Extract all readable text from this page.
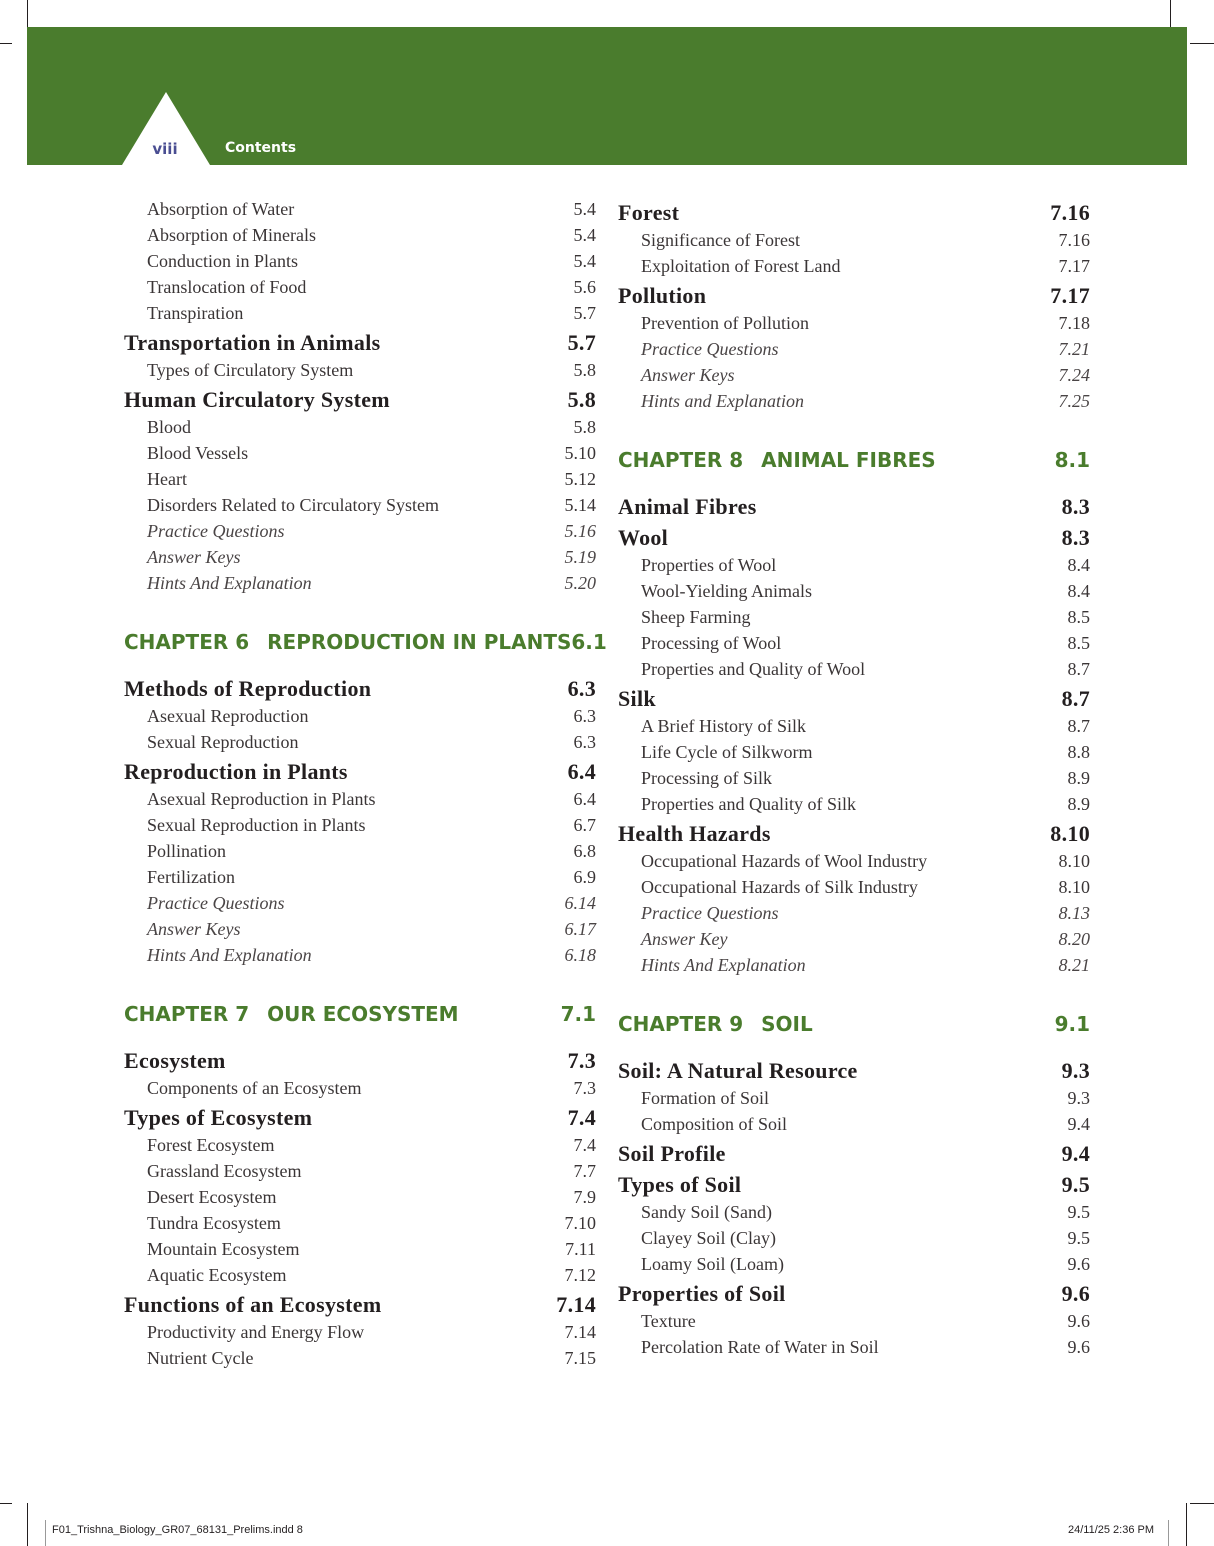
viii	Contents
Absorption of Water	5.4
Absorption of Minerals	5.4
Conduction in Plants	5.4
Translocation of Food	5.6
Transpiration	5.7
Transportation in Animals	5.7
Types of Circulatory System	5.8
Human Circulatory System	5.8
Blood	5.8
Blood Vessels	5.10
Heart	5.12
Disorders Related to Circulatory System	5.14
Practice Questions	5.16
Answer Keys	5.19
Hints And Explanation	5.20
CHAPTER 6 REPRODUCTION IN PLANTS 6.1
Methods of Reproduction	6.3
Asexual Reproduction	6.3
Sexual Reproduction	6.3
Reproduction in Plants	6.4
Asexual Reproduction in Plants	6.4
Sexual Reproduction in Plants	6.7
Pollination	6.8
Fertilization	6.9
Practice Questions	6.14
Answer Keys	6.17
Hints And Explanation	6.18
CHAPTER 7 OUR ECOSYSTEM	7.1
Ecosystem	7.3
Components of an Ecosystem	7.3
Types of Ecosystem	7.4
Forest Ecosystem	7.4
Grassland Ecosystem	7.7
Desert Ecosystem	7.9
Tundra Ecosystem	7.10
Mountain Ecosystem	7.11
Aquatic Ecosystem	7.12
Functions of an Ecosystem	7.14
Productivity and Energy Flow	7.14
Nutrient Cycle	7.15
Forest	7.16
Significance of Forest	7.16
Exploitation of Forest Land	7.17
Pollution	7.17
Prevention of Pollution	7.18
Practice Questions	7.21
Answer Keys	7.24
Hints and Explanation	7.25
CHAPTER 8 ANIMAL FIBRES	8.1
Animal Fibres	8.3
Wool	8.3
Properties of Wool	8.4
Wool-Yielding Animals	8.4
Sheep Farming	8.5
Processing of Wool	8.5
Properties and Quality of Wool	8.7
Silk	8.7
A Brief History of Silk	8.7
Life Cycle of Silkworm	8.8
Processing of Silk	8.9
Properties and Quality of Silk	8.9
Health Hazards	8.10
Occupational Hazards of Wool Industry	8.10
Occupational Hazards of Silk Industry	8.10
Practice Questions	8.13
Answer Key	8.20
Hints And Explanation	8.21
CHAPTER 9 SOIL	9.1
Soil: A Natural Resource	9.3
Formation of Soil	9.3
Composition of Soil	9.4
Soil Profile	9.4
Types of Soil	9.5
Sandy Soil (Sand)	9.5
Clayey Soil (Clay)	9.5
Loamy Soil (Loam)	9.6
Properties of Soil	9.6
Texture	9.6
Percolation Rate of Water in Soil	9.6
F01_Trishna_Biology_GR07_68131_Prelims.indd 8	24/11/25 2:36 PM
